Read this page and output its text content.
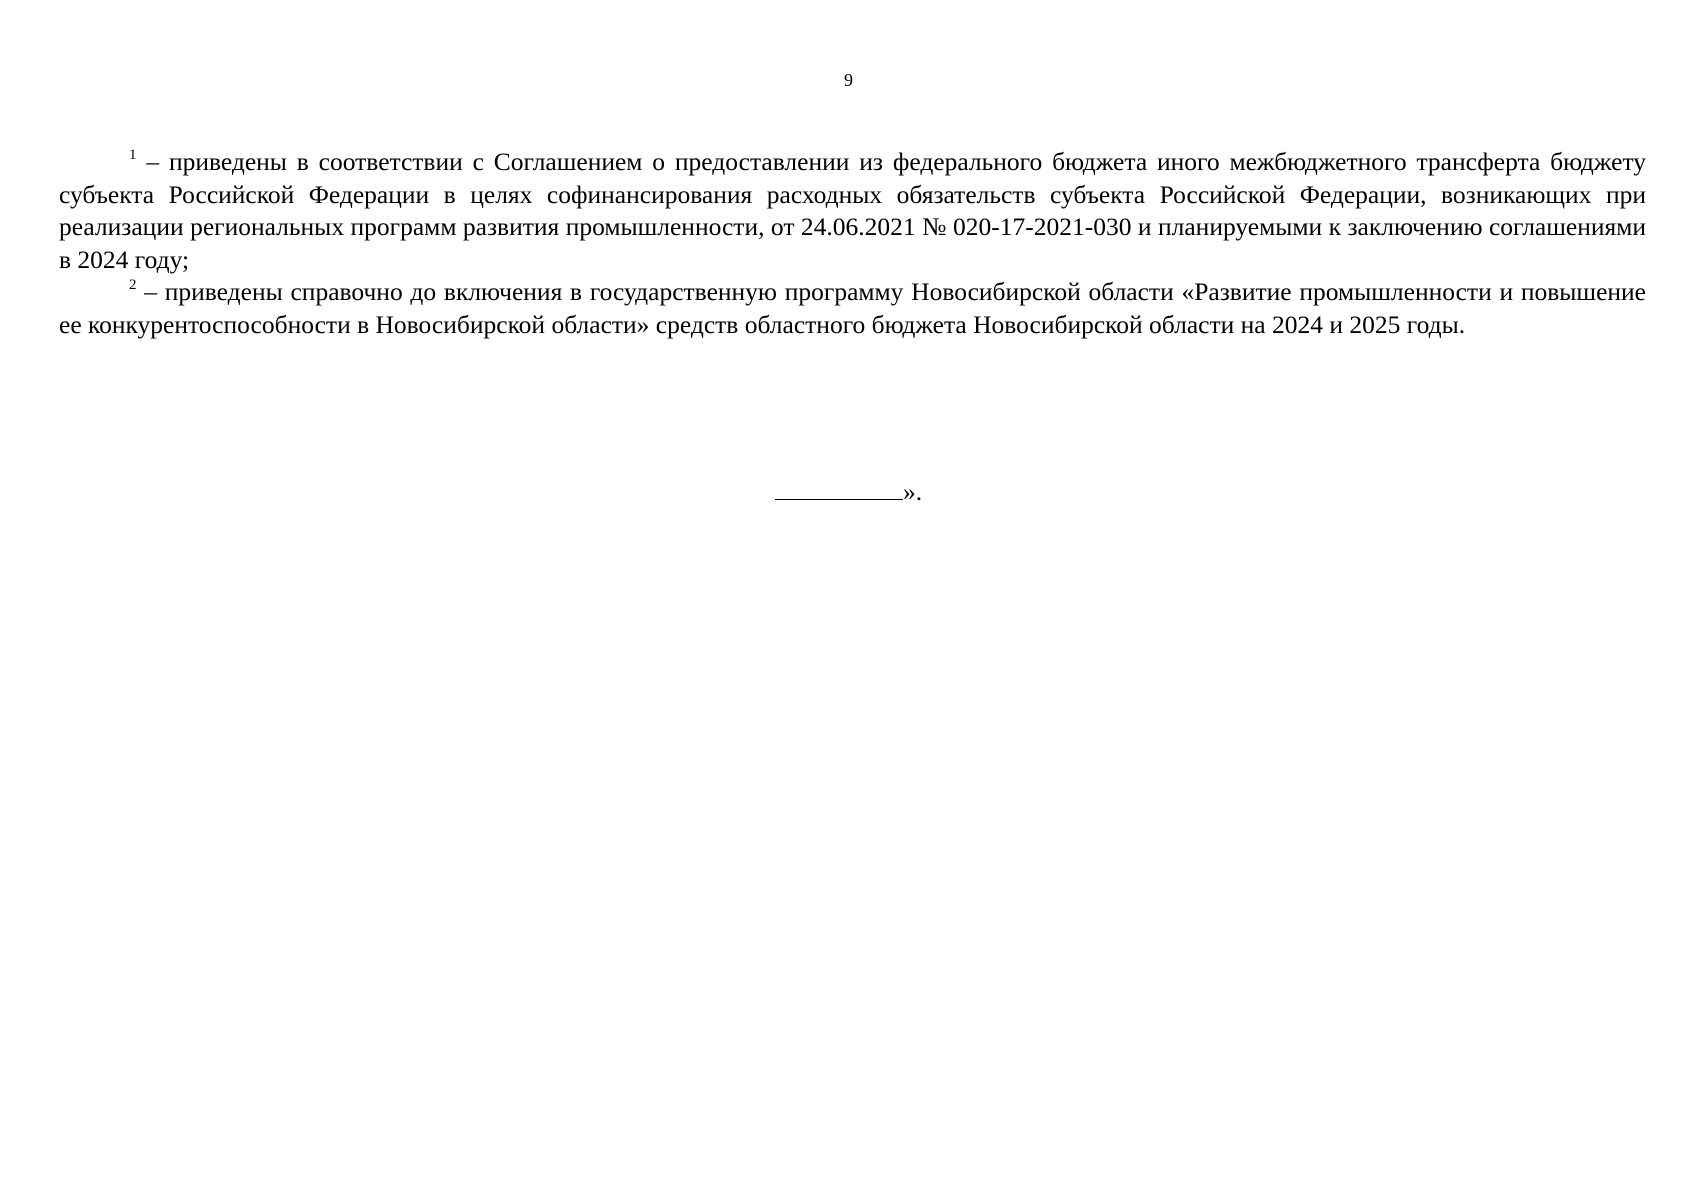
9

$^1$ – приведены в соответствии с Соглашением о предоставлении из федерального бюджета иного межбюджетного трансферта бюджету субъекта Российской Федерации в целях софинансирования расходных обязательств субъекта Российской Федерации, возникающих при реализации региональных программ развития промышленности, от 24.06.2021 № 020-17-2021-030 и планируемыми к заключению соглашениями в 2024 году;

$^2$ – приведены справочно до включения в государственную программу Новосибирской области «Развитие промышленности и повышение ее конкурентоспособности в Новосибирской области» средств областного бюджета Новосибирской области на 2024 и 2025 годы.

».
